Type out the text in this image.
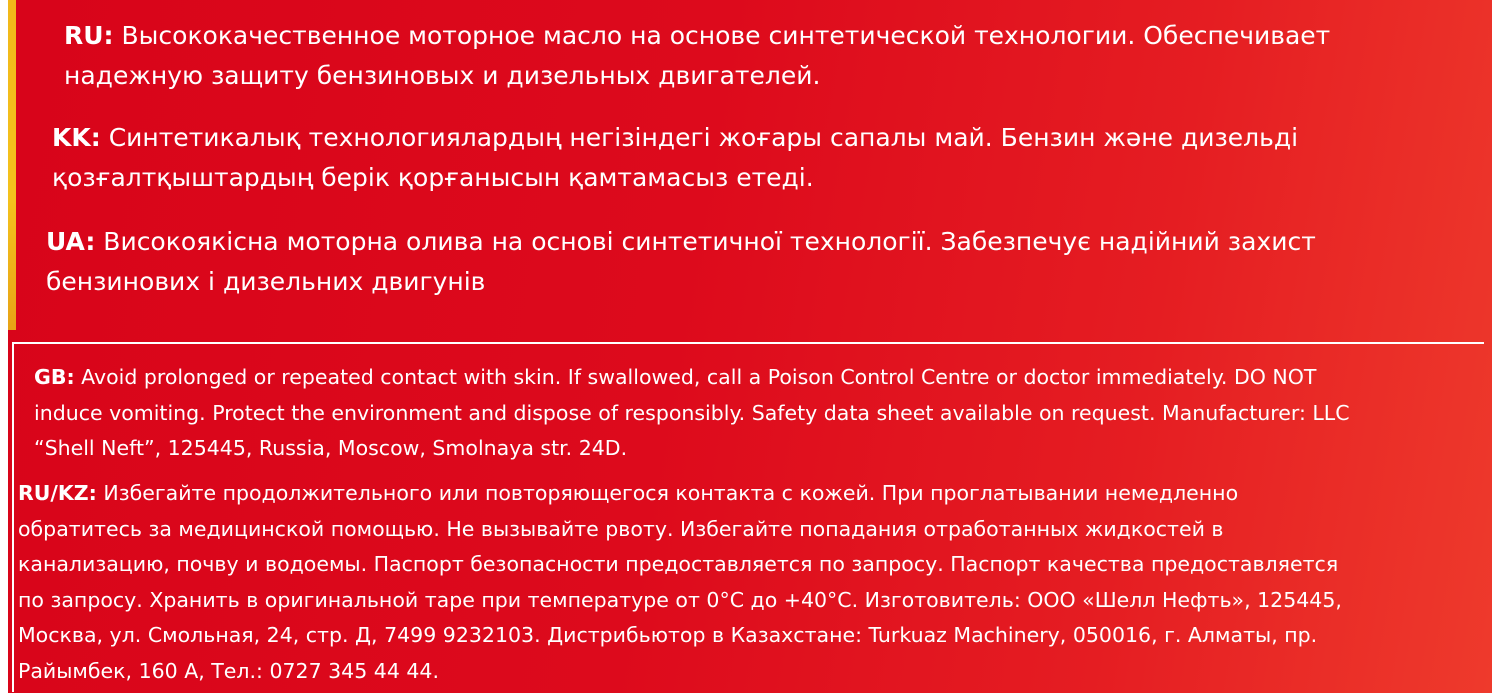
RU: Высококачественное моторное масло на основе синтетической технологии. Обеспечивает
надежную защиту бензиновых и дизельных двигателей.

KK: Синтетикалық технологиялардың негізіндегі жоғары сапалы май. Бензин және дизельді
қозғалтқыштардың берік қорғанысын қамтамасыз етеді.

UA: Високоякісна моторна олива на основі синтетичної технології. Забезпечує надійний захист
бензинових і дизельних двигунів

GB: Avoid prolonged or repeated contact with skin. If swallowed, call a Poison Control Centre or doctor immediately. DO NOT
induce vomiting. Protect the environment and dispose of responsibly. Safety data sheet available on request. Manufacturer: LLC
“Shell Neft”, 125445, Russia, Moscow, Smolnaya str. 24D.

RU/KZ: Избегайте продолжительного или повторяющегося контакта с кожей. При проглатывании немедленно
обратитесь за медицинской помощью. Не вызывайте рвоту. Избегайте попадания отработанных жидкостей в
канализацию, почву и водоемы. Паспорт безопасности предоставляется по запросу. Паспорт качества предоставляется
по запросу. Хранить в оригинальной таре при температуре от 0°C до +40°C. Изготовитель: ООО «Шелл Нефть», 125445,
Москва, ул. Смольная, 24, стр. Д, 7499 9232103. Дистрибьютор в Казахстане: Turkuaz Machinery, 050016, г. Алматы, пр.
Райымбек, 160 А, Тел.: 0727 345 44 44.
